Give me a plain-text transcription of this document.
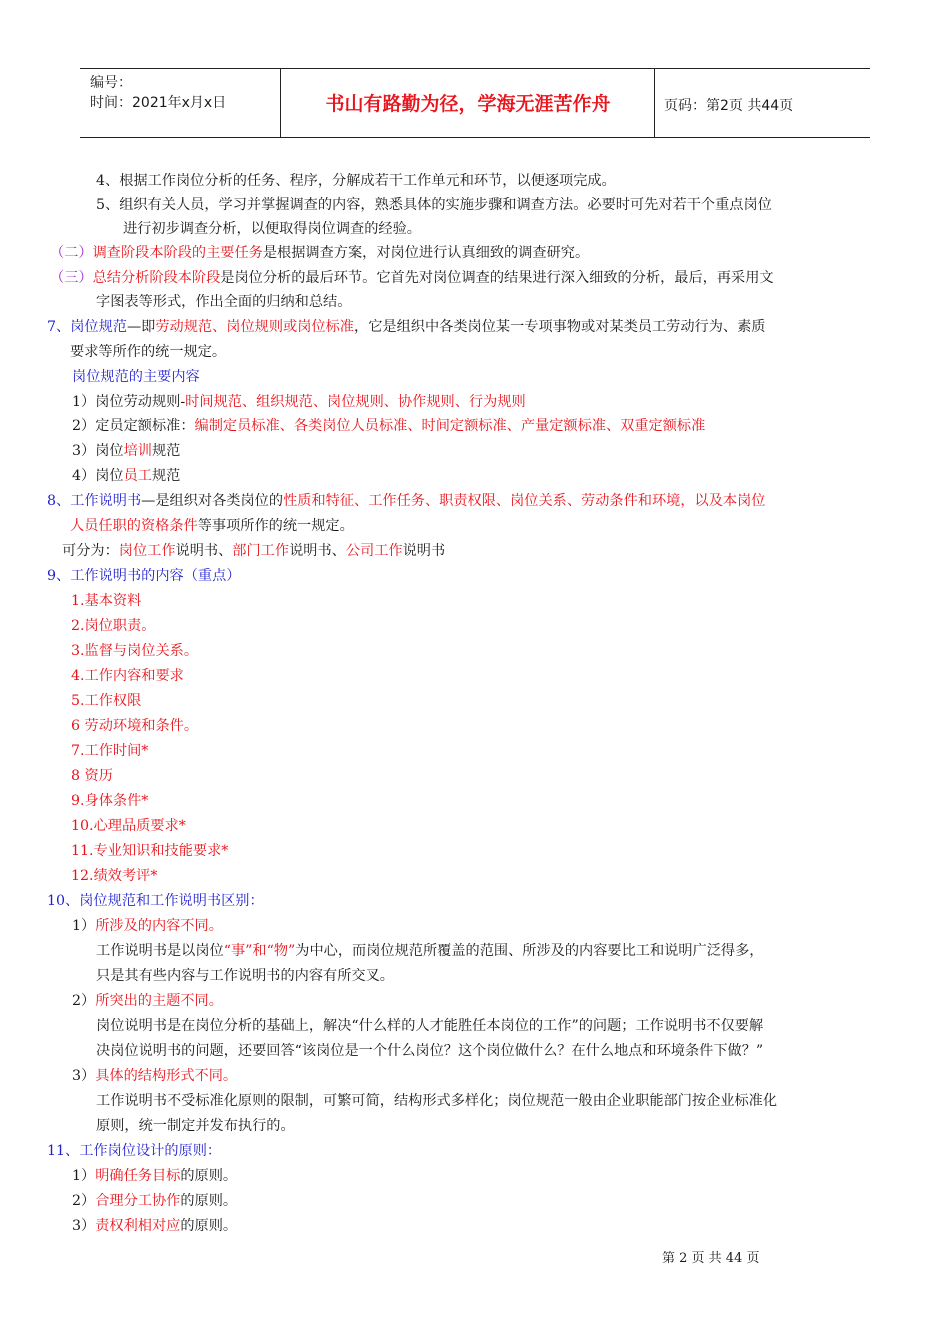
编号：
时间：2021年x月x日	书山有路勤为径，学海无涯苦作舟	页码：第2页 共44页
4、根据工作岗位分析的任务、程序，分解成若干工作单元和环节，以便逐项完成。
5、组织有关人员，学习并掌握调查的内容，熟悉具体的实施步骤和调查方法。必要时可先对若干个重点岗位
进行初步调查分析，以便取得岗位调查的经验。
（二）调查阶段本阶段的主要任务是根据调查方案，对岗位进行认真细致的调查研究。
（三）总结分析阶段本阶段是岗位分析的最后环节。它首先对岗位调查的结果进行深入细致的分析，最后，再采用文
字图表等形式，作出全面的归纳和总结。
7、岗位规范—即劳动规范、岗位规则或岗位标准，它是组织中各类岗位某一专项事物或对某类员工劳动行为、素质
要求等所作的统一规定。
岗位规范的主要内容
1）岗位劳动规则-时间规范、组织规范、岗位规则、协作规则、行为规则
2）定员定额标准：编制定员标准、各类岗位人员标准、时间定额标准、产量定额标准、双重定额标准
3）岗位培训规范
4）岗位员工规范
8、工作说明书—是组织对各类岗位的性质和特征、工作任务、职责权限、岗位关系、劳动条件和环境，以及本岗位
人员任职的资格条件等事项所作的统一规定。
可分为：岗位工作说明书、部门工作说明书、公司工作说明书
9、工作说明书的内容（重点）
1.基本资料
2.岗位职责。
3.监督与岗位关系。
4.工作内容和要求
5.工作权限
6 劳动环境和条件。
7.工作时间*
8 资历
9.身体条件*
10.心理品质要求*
11.专业知识和技能要求*
12.绩效考评*
10、岗位规范和工作说明书区别：
1）所涉及的内容不同。
工作说明书是以岗位“事”和“物”为中心，而岗位规范所覆盖的范围、所涉及的内容要比工和说明广泛得多，
只是其有些内容与工作说明书的内容有所交叉。
2）所突出的主题不同。
岗位说明书是在岗位分析的基础上，解决“什么样的人才能胜任本岗位的工作”的问题；工作说明书不仅要解
决岗位说明书的问题，还要回答“该岗位是一个什么岗位？这个岗位做什么？在什么地点和环境条件下做？”
3）具体的结构形式不同。
工作说明书不受标准化原则的限制，可繁可简，结构形式多样化；岗位规范一般由企业职能部门按企业标准化
原则，统一制定并发布执行的。
11、工作岗位设计的原则：
1）明确任务目标的原则。
2）合理分工协作的原则。
3）责权利相对应的原则。
第 2 页 共 44 页
